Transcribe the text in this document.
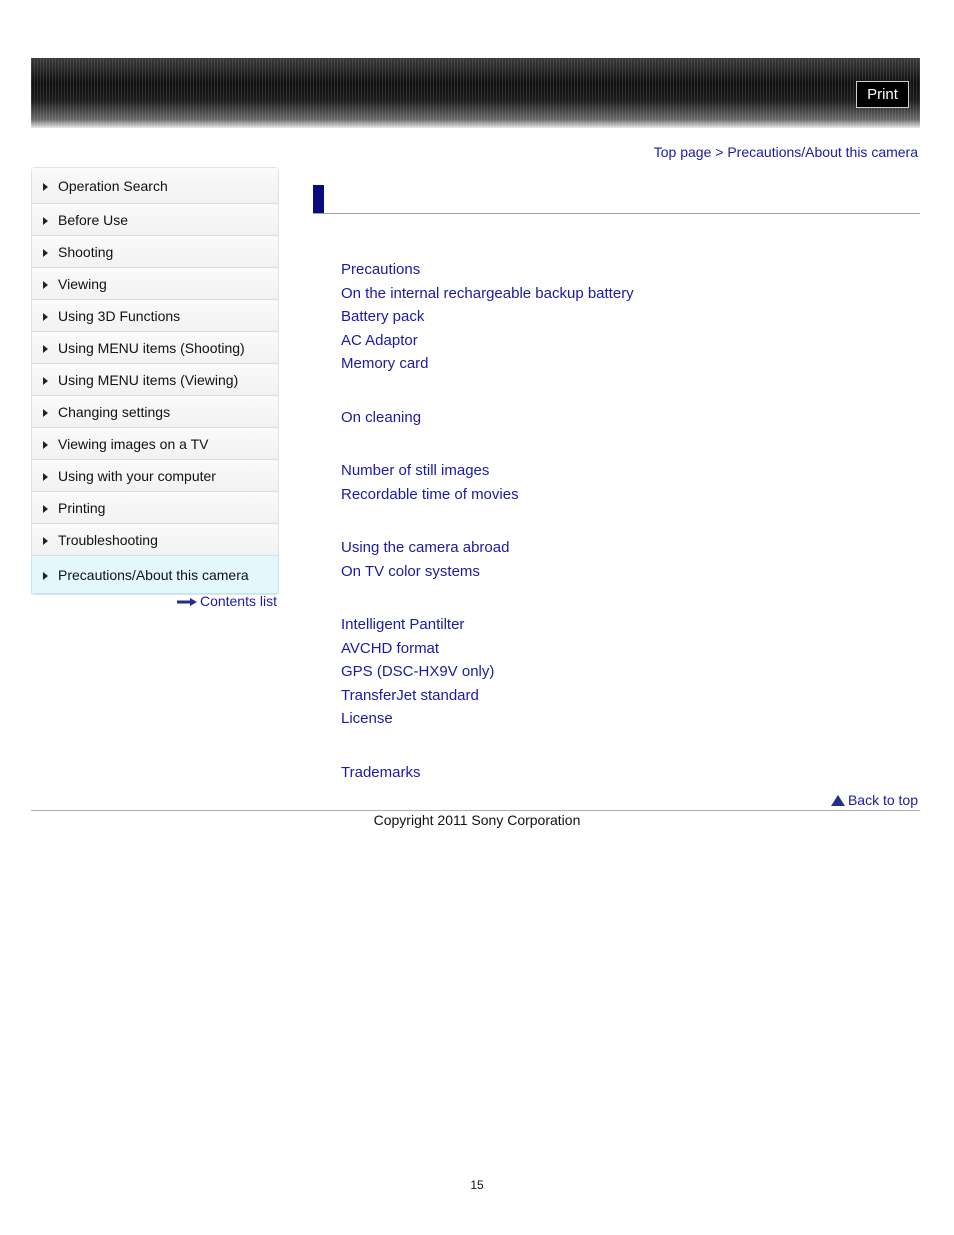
Print
Top page > Precautions/About this camera
Operation Search
Before Use
Shooting
Viewing
Using 3D Functions
Using MENU items (Shooting)
Using MENU items (Viewing)
Changing settings
Viewing images on a TV
Using with your computer
Printing
Troubleshooting
Precautions/About this camera
Contents list
Precautions
On the internal rechargeable backup battery
Battery pack
AC Adaptor
Memory card
On cleaning
Number of still images
Recordable time of movies
Using the camera abroad
On TV color systems
Intelligent Pantilter
AVCHD format
GPS (DSC-HX9V only)
TransferJet standard
License
Trademarks
Back to top
Copyright 2011 Sony Corporation
15
